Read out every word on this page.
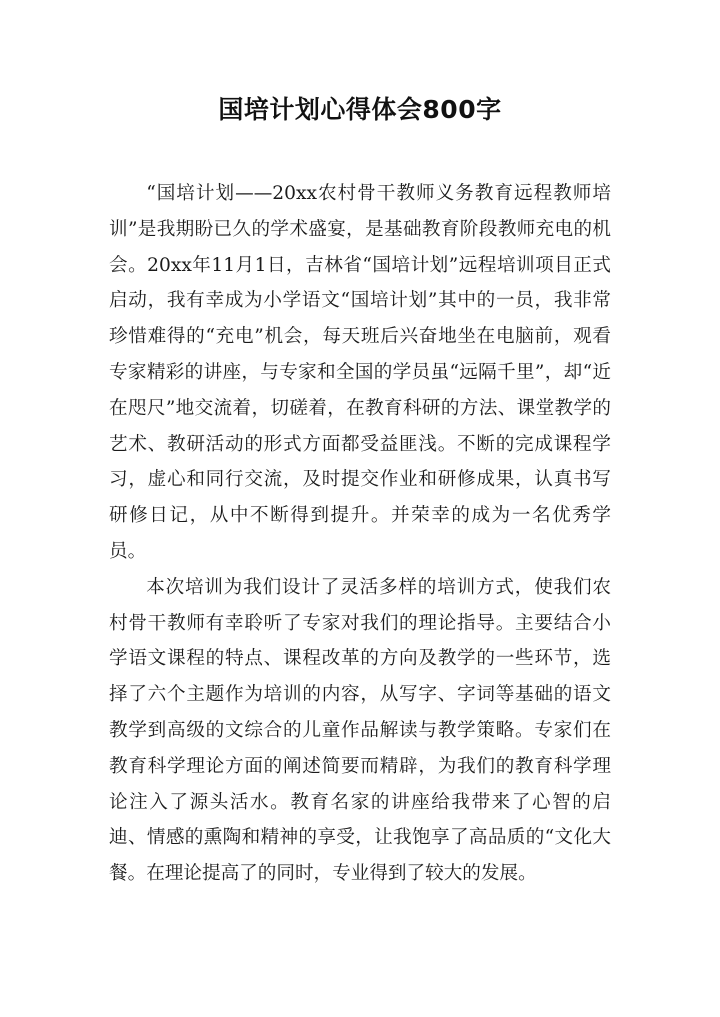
国培计划心得体会800字

“国培计划——20xx农村骨干教师义务教育远程教师培训”是我期盼已久的学术盛宴，是基础教育阶段教师充电的机会。20xx年11月1日，吉林省“国培计划”远程培训项目正式启动，我有幸成为小学语文“国培计划”其中的一员，我非常珍惜难得的“充电”机会，每天班后兴奋地坐在电脑前，观看专家精彩的讲座，与专家和全国的学员虽“远隔千里”，却“近在咫尺”地交流着，切磋着，在教育科研的方法、课堂教学的艺术、教研活动的形式方面都受益匪浅。不断的完成课程学习，虚心和同行交流，及时提交作业和研修成果，认真书写研修日记，从中不断得到提升。并荣幸的成为一名优秀学员。

本次培训为我们设计了灵活多样的培训方式，使我们农村骨干教师有幸聆听了专家对我们的理论指导。主要结合小学语文课程的特点、课程改革的方向及教学的一些环节，选择了六个主题作为培训的内容，从写字、字词等基础的语文教学到高级的文综合的儿童作品解读与教学策略。专家们在教育科学理论方面的阐述简要而精辟，为我们的教育科学理论注入了源头活水。教育名家的讲座给我带来了心智的启迪、情感的熏陶和精神的享受，让我饱享了高品质的“文化大餐。在理论提高了的同时，专业得到了较大的发展。
